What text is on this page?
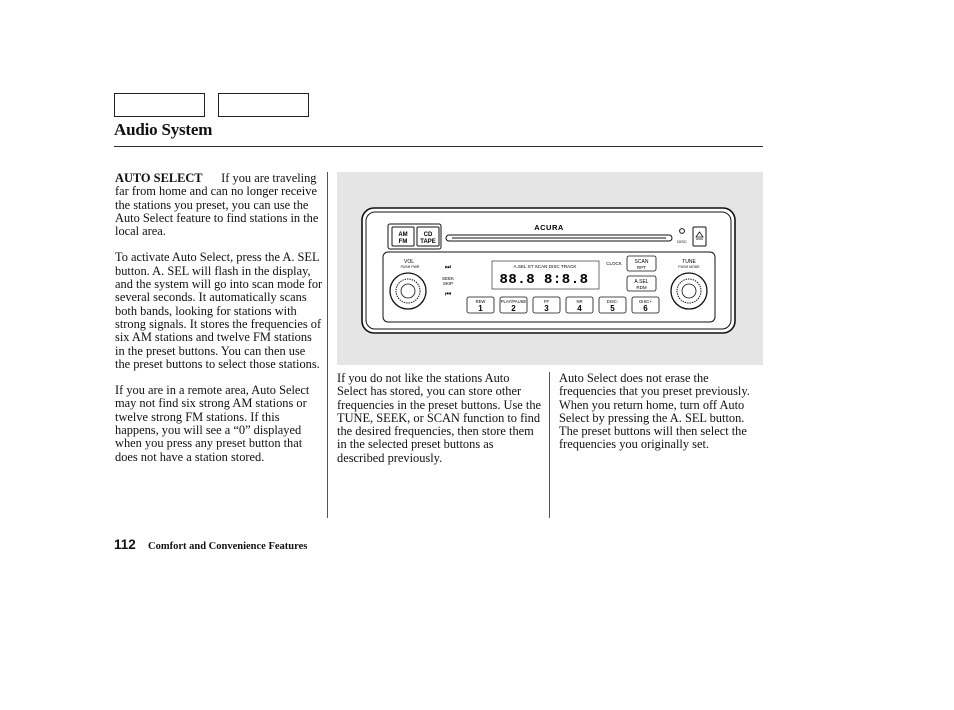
Audio System

AUTO SELECT If you are traveling far from home and can no longer receive the stations you preset, you can use the Auto Select feature to find stations in the local area.

To activate Auto Select, press the A. SEL button. A. SEL will flash in the display, and the system will go into scan mode for several seconds. It automatically scans both bands, looking for stations with strong signals. It stores the frequencies of six AM stations and twelve FM stations in the preset buttons. You can then use the preset buttons to select those stations.

If you are in a remote area, Auto Select may not find six strong AM stations or twelve strong FM stations. If this happens, you will see a “0” displayed when you press any preset button that does not have a station stored.

AM
FM
CD
TAPE
ACURA
DISC
VOL
PUSH PWR	⏭
SEEK
SKIP
⏮
A.SEL ST SCAN DISC TRACK
88.8 8:8.8
CLOCK	SCAN
RPT
A.SEL
RDM
TUNE
PUSH MODE
REW
1
PLAY/PAUSE
2
FF
3
NR
4
DISC-
5
DISC+
6

If you do not like the stations Auto Select has stored, you can store other frequencies in the preset buttons. Use the TUNE, SEEK, or SCAN function to find the desired frequencies, then store them in the selected preset buttons as described previously.

Auto Select does not erase the frequencies that you preset previously. When you return home, turn off Auto Select by pressing the A. SEL button. The preset buttons will then select the frequencies you originally set.

112 Comfort and Convenience Features
